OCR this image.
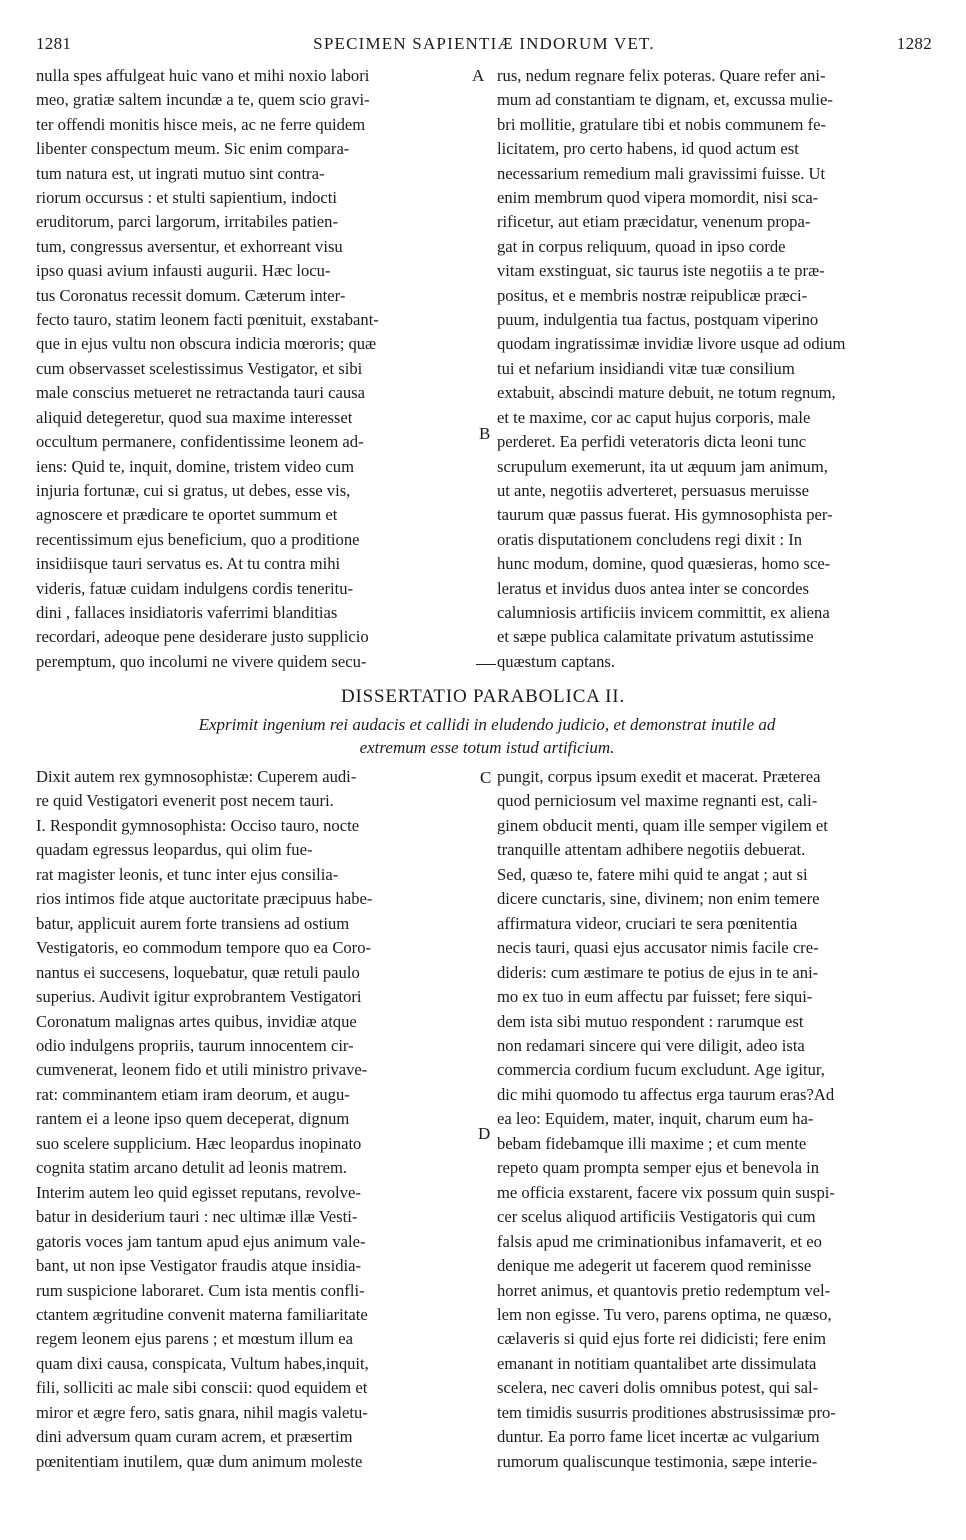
1281	SPECIMEN SAPIENTIÆ INDORUM VET.	1282
nulla spes affulgeat huic vano et mihi noxio labori
meo, gratiæ saltem incundæ a te, quem scio gravi-
ter offendi monitis hisce meis, ac ne ferre quidem
libenter conspectum meum. Sic enim compara-
tum natura est, ut ingrati mutuo sint contra-
riorum occursus : et stulti sapientium, indocti
eruditorum, parci largorum, irritabiles patien-
tum, congressus aversentur, et exhorreant visu
ipso quasi avium infausti augurii. Hæc locu-
tus Coronatus recessit domum. Cæterum inter-
fecto tauro, statim leonem facti pœnituit, exstabant-
que in ejus vultu non obscura indicia mœroris; quæ
cum observasset scelestissimus Vestigator, et sibi
male conscius metueret ne retractanda tauri causa
aliquid detegeretur, quod sua maxime interesset
occultum permanere, confidentissime leonem ad-
iens: Quid te, inquit, domine, tristem video cum
injuria fortunæ, cui si gratus, ut debes, esse vis,
agnoscere et prædicare te oportet summum et
recentissimum ejus beneficium, quo a proditione
insidiisque tauri servatus es. At tu contra mihi
videris, fatuæ cuidam indulgens cordis teneritu-
dini , fallaces insidiatoris vaferrimi blanditias
recordari, adeoque pene desiderare justo supplicio
peremptum, quo incolumi ne vivere quidem secu-
rus, nedum regnare felix poteras. Quare refer ani-
mum ad constantiam te dignam, et, excussa mulie-
bri mollitie, gratulare tibi et nobis communem fe-
licitatem, pro certo habens, id quod actum est
necessarium remedium mali gravissimi fuisse. Ut
enim membrum quod vipera momordit, nisi sca-
rificetur, aut etiam præcidatur, venenum propa-
gat in corpus reliquum, quoad in ipso corde
vitam exstinguat, sic taurus iste negotiis a te præ-
positus, et e membris nostræ reipublicæ præci-
puum, indulgentia tua factus, postquam viperino
quodam ingratissimæ invidiæ livore usque ad odium
tui et nefarium insidiandi vitæ tuæ consilium
extabuit, abscindi mature debuit, ne totum regnum,
et te maxime, cor ac caput hujus corporis, male
perderet. Ea perfidi veteratoris dicta leoni tunc
scrupulum exemerunt, ita ut æquum jam animum,
ut ante, negotiis adverteret, persuasus meruisse
taurum quæ passus fuerat. His gymnosophista per-
oratis disputationem concludens regi dixit : In
hunc modum, domine, quod quæsieras, homo sce-
leratus et invidus duos antea inter se concordes
calumniosis artificiis invicem committit, ex aliena
et sæpe publica calamitate privatum astutissime
quæstum captans.
A
B
DISSERTATIO PARABOLICA II.
Exprimit ingenium rei audacis et callidi in eludendo judicio, et demonstrat inutile ad
extremum esse totum istud artificium.
Dixit autem rex gymnosophistæ: Cuperem audi-
re quid Vestigatori evenerit post necem tauri.
I. Respondit gymnosophista: Occiso tauro, nocte
quadam egressus leopardus, qui olim fue-
rat magister leonis, et tunc inter ejus consilia-
rios intimos fide atque auctoritate præcipuus habe-
batur, applicuit aurem forte transiens ad ostium
Vestigatoris, eo commodum tempore quo ea Coro-
nantus ei succesens, loquebatur, quæ retuli paulo
superius. Audivit igitur exprobrantem Vestigatori
Coronatum malignas artes quibus, invidiæ atque
odio indulgens propriis, taurum innocentem cir-
cumvenerat, leonem fido et utili ministro privave-
rat: comminantem etiam iram deorum, et augu-
rantem ei a leone ipso quem deceperat, dignum
suo scelere supplicium. Hæc leopardus inopinato
cognita statim arcano detulit ad leonis matrem.
Interim autem leo quid egisset reputans, revolve-
batur in desiderium tauri : nec ultimæ illæ Vesti-
gatoris voces jam tantum apud ejus animum vale-
bant, ut non ipse Vestigator fraudis atque insidia-
rum suspicione laboraret. Cum ista mentis confli-
ctantem ægritudine convenit materna familiaritate
regem leonem ejus parens ; et mœstum illum ea
quam dixi causa, conspicata, Vultum habes,inquit,
fili, solliciti ac male sibi conscii: quod equidem et
miror et ægre fero, satis gnara, nihil magis valetu-
dini adversum quam curam acrem, et præsertim
pœnitentiam inutilem, quæ dum animum moleste
pungit, corpus ipsum exedit et macerat. Præterea
quod perniciosum vel maxime regnanti est, cali-
ginem obducit menti, quam ille semper vigilem et
tranquille attentam adhibere negotiis debuerat.
Sed, quæso te, fatere mihi quid te angat ; aut si
dicere cunctaris, sine, divinem; non enim temere
affirmatura videor, cruciari te sera pœnitentia
necis tauri, quasi ejus accusator nimis facile cre-
dideris: cum æstimare te potius de ejus in te ani-
mo ex tuo in eum affectu par fuisset; fere siqui-
dem ista sibi mutuo respondent : rarumque est
non redamari sincere qui vere diligit, adeo ista
commercia cordium fucum excludunt. Age igitur,
dic mihi quomodo tu affectus erga taurum eras?Ad
ea leo: Equidem, mater, inquit, charum eum ha-
bebam fidebamque illi maxime ; et cum mente
repeto quam prompta semper ejus et benevola in
me officia exstarent, facere vix possum quin suspi-
cer scelus aliquod artificiis Vestigatoris qui cum
falsis apud me criminationibus infamaverit, et eo
denique me adegerit ut facerem quod reminisse
horret animus, et quantovis pretio redemptum vel-
lem non egisse. Tu vero, parens optima, ne quæso,
cælaveris si quid ejus forte rei didicisti; fere enim
emanant in notitiam quantalibet arte dissimulata
scelera, nec caveri dolis omnibus potest, qui sal-
tem timidis susurris proditiones abstrusissimæ pro-
duntur. Ea porro fame licet incertæ ac vulgarium
rumorum qualiscunque testimonia, sæpe interie-
C
D
